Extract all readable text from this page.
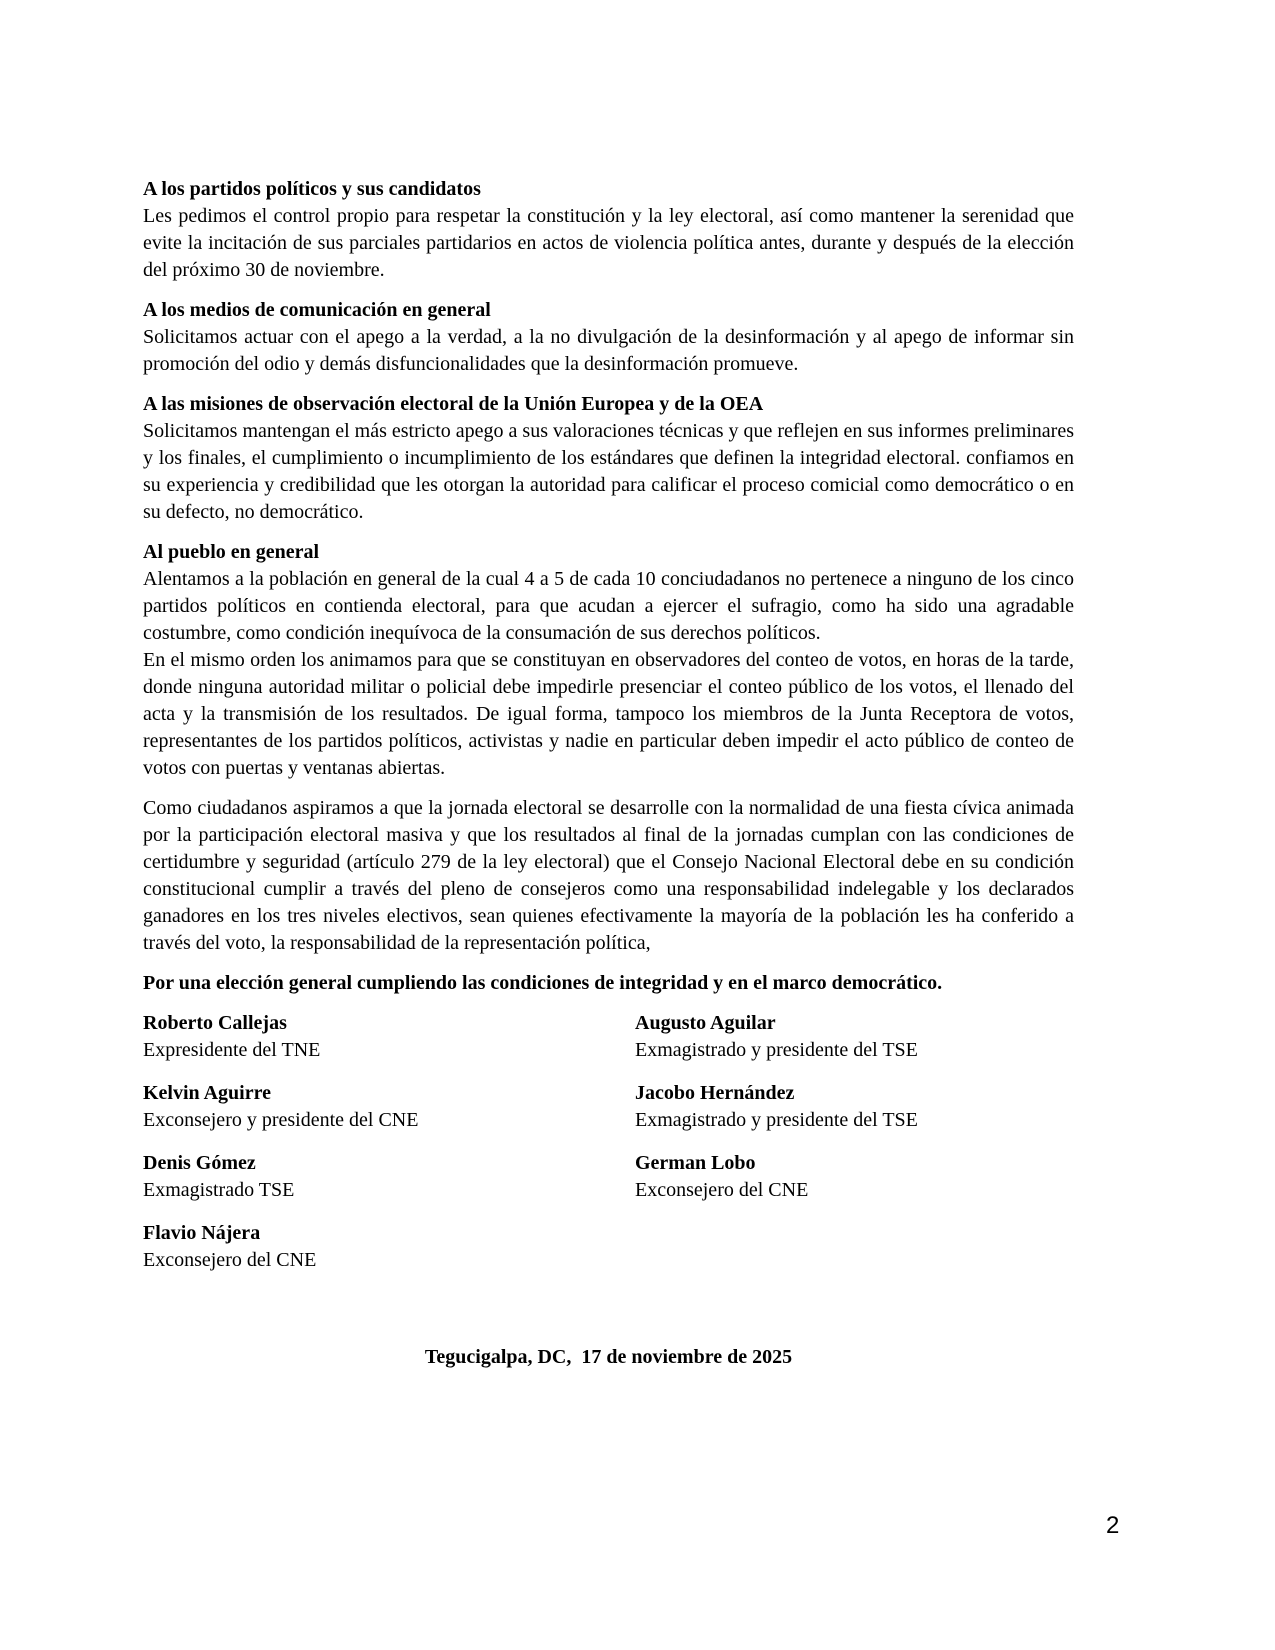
A los partidos políticos y sus candidatos

Les pedimos el control propio para respetar la constitución y la ley electoral, así como mantener la serenidad que evite la incitación de sus parciales partidarios en actos de violencia política antes, durante y después de la elección del próximo 30 de noviembre.

A los medios de comunicación en general

Solicitamos actuar con el apego a la verdad, a la no divulgación de la desinformación y al apego de informar sin promoción del odio y demás disfuncionalidades que la desinformación promueve.

A las misiones de observación electoral de la Unión Europea y de la OEA

Solicitamos mantengan el más estricto apego a sus valoraciones técnicas y que reflejen en sus informes preliminares y los finales, el cumplimiento o incumplimiento de los estándares que definen la integridad electoral. confiamos en su experiencia y credibilidad que les otorgan la autoridad para calificar el proceso comicial como democrático o en su defecto, no democrático.

Al pueblo en general

Alentamos a la población en general de la cual 4 a 5 de cada 10 conciudadanos no pertenece a ninguno de los cinco partidos políticos en contienda electoral, para que acudan a ejercer el sufragio, como ha sido una agradable costumbre, como condición inequívoca de la consumación de sus derechos políticos.

En el mismo orden los animamos para que se constituyan en observadores del conteo de votos, en horas de la tarde, donde ninguna autoridad militar o policial debe impedirle presenciar el conteo público de los votos, el llenado del acta y la transmisión de los resultados. De igual forma, tampoco los miembros de la Junta Receptora de votos, representantes de los partidos políticos, activistas y nadie en particular deben impedir el acto público de conteo de votos con puertas y ventanas abiertas.

Como ciudadanos aspiramos a que la jornada electoral se desarrolle con la normalidad de una fiesta cívica animada por la participación electoral masiva y que los resultados al final de la jornadas cumplan con las condiciones de certidumbre y seguridad (artículo 279 de la ley electoral) que el Consejo Nacional Electoral debe en su condición constitucional cumplir a través del pleno de consejeros como una responsabilidad indelegable y los declarados ganadores en los tres niveles electivos, sean quienes efectivamente la mayoría de la población les ha conferido a través del voto, la responsabilidad de la representación política,

Por una elección general cumpliendo las condiciones de integridad y en el marco democrático.

Roberto Callejas
Expresidente del TNE
Kelvin Aguirre
Exconsejero y presidente del CNE
Denis Gómez
Exmagistrado TSE
Flavio Nájera
Exconsejero del CNE
Augusto Aguilar
Exmagistrado y presidente del TSE
Jacobo Hernández
Exmagistrado y presidente del TSE
German Lobo
Exconsejero del CNE

Tegucigalpa, DC,  17 de noviembre de 2025

2
